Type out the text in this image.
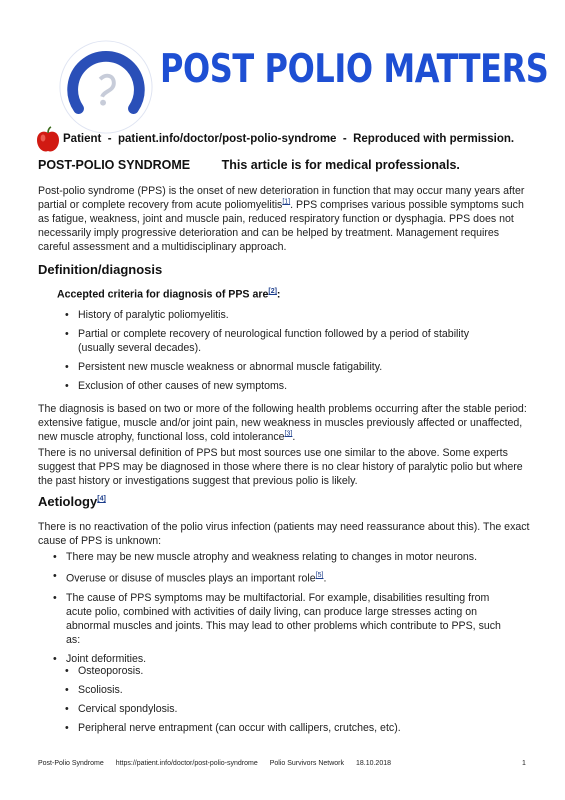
POST POLIO MATTERS
Patient - patient.info/doctor/post-polio-syndrome - Reproduced with permission.
POST-POLIO SYNDROME	This article is for medical professionals.
Post-polio syndrome (PPS) is the onset of new deterioration in function that may occur many years after partial or complete recovery from acute poliomyelitis[1]. PPS comprises various possible symptoms such as fatigue, weakness, joint and muscle pain, reduced respiratory function or dysphagia. PPS does not necessarily imply progressive deterioration and can be helped by treatment. Management requires careful assessment and a multidisciplinary approach.
Definition/diagnosis
Accepted criteria for diagnosis of PPS are[2]:
• History of paralytic poliomyelitis.
• Partial or complete recovery of neurological function followed by a period of stability (usually several decades).
• Persistent new muscle weakness or abnormal muscle fatigability.
• Exclusion of other causes of new symptoms.
The diagnosis is based on two or more of the following health problems occurring after the stable period: extensive fatigue, muscle and/or joint pain, new weakness in muscles previously affected or unaffected, new muscle atrophy, functional loss, cold intolerance[3].
There is no universal definition of PPS but most sources use one similar to the above. Some experts suggest that PPS may be diagnosed in those where there is no clear history of paralytic polio but where the past history or investigations suggest that previous polio is likely.
Aetiology[4]
There is no reactivation of the polio virus infection (patients may need reassurance about this). The exact cause of PPS is unknown:
• There may be new muscle atrophy and weakness relating to changes in motor neurons.
• Overuse or disuse of muscles plays an important role[5].
• The cause of PPS symptoms may be multifactorial. For example, disabilities resulting from acute polio, combined with activities of daily living, can produce large stresses acting on abnormal muscles and joints. This may lead to other problems which contribute to PPS, such as:
• Joint deformities.
• Osteoporosis.
• Scoliosis.
• Cervical spondylosis.
• Peripheral nerve entrapment (can occur with callipers, crutches, etc).
Post-Polio Syndrome https://patient.info/doctor/post-polio-syndrome Polio Survivors Network 18.10.2018	1
